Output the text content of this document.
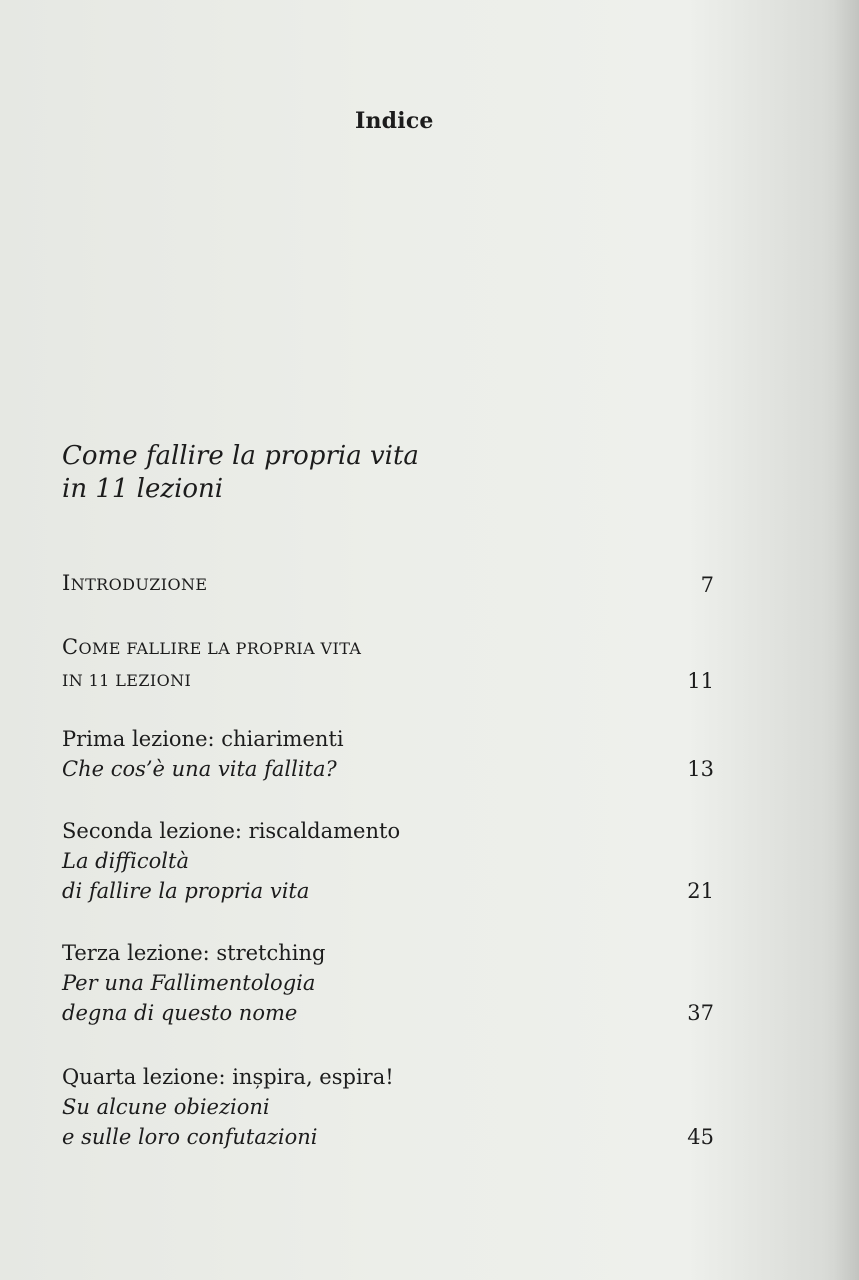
Indice
Come fallire la propria vita
in 11 lezioni
INTRODUZIONE	7
COME FALLIRE LA PROPRIA VITA
IN 11 LEZIONI	11
Prima lezione: chiarimenti
Che cos’è una vita fallita?	13
Seconda lezione: riscaldamento
La difficoltà
di fallire la propria vita	21
Terza lezione: stretching
Per una Fallimentologia
degna di questo nome	37
Quarta lezione: inșpira, espira!
Su alcune obiezioni
e sulle loro confutazioni	45
